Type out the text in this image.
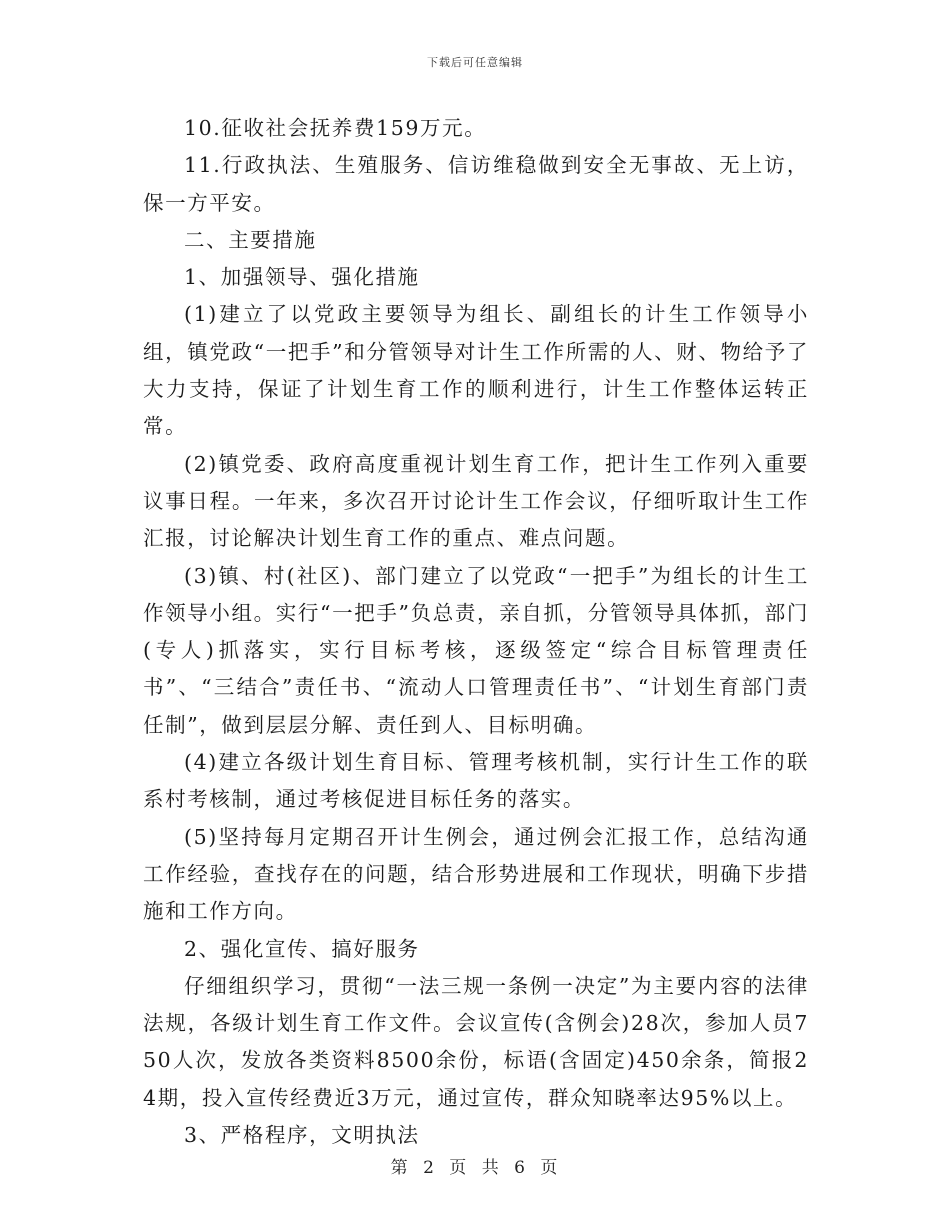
下载后可任意编辑

10.征收社会抚养费159万元。

11.行政执法、生殖服务、信访维稳做到安全无事故、无上访，保一方平安。

二、主要措施

1、加强领导、强化措施

(1)建立了以党政主要领导为组长、副组长的计生工作领导小组，镇党政“一把手”和分管领导对计生工作所需的人、财、物给予了大力支持，保证了计划生育工作的顺利进行，计生工作整体运转正常。

(2)镇党委、政府高度重视计划生育工作，把计生工作列入重要议事日程。一年来，多次召开讨论计生工作会议，仔细听取计生工作汇报，讨论解决计划生育工作的重点、难点问题。

(3)镇、村(社区)、部门建立了以党政“一把手”为组长的计生工作领导小组。实行“一把手”负总责，亲自抓，分管领导具体抓，部门(专人)抓落实，实行目标考核，逐级签定“综合目标管理责任书”、“三结合”责任书、“流动人口管理责任书”、“计划生育部门责任制”，做到层层分解、责任到人、目标明确。

(4)建立各级计划生育目标、管理考核机制，实行计生工作的联系村考核制，通过考核促进目标任务的落实。

(5)坚持每月定期召开计生例会，通过例会汇报工作，总结沟通工作经验，查找存在的问题，结合形势进展和工作现状，明确下步措施和工作方向。

2、强化宣传、搞好服务

仔细组织学习，贯彻“一法三规一条例一决定”为主要内容的法律法规，各级计划生育工作文件。会议宣传(含例会)28次，参加人员750人次，发放各类资料8500余份，标语(含固定)450余条，简报24期，投入宣传经费近3万元，通过宣传，群众知晓率达95%以上。

3、严格程序，文明执法

第 2 页 共 6 页
